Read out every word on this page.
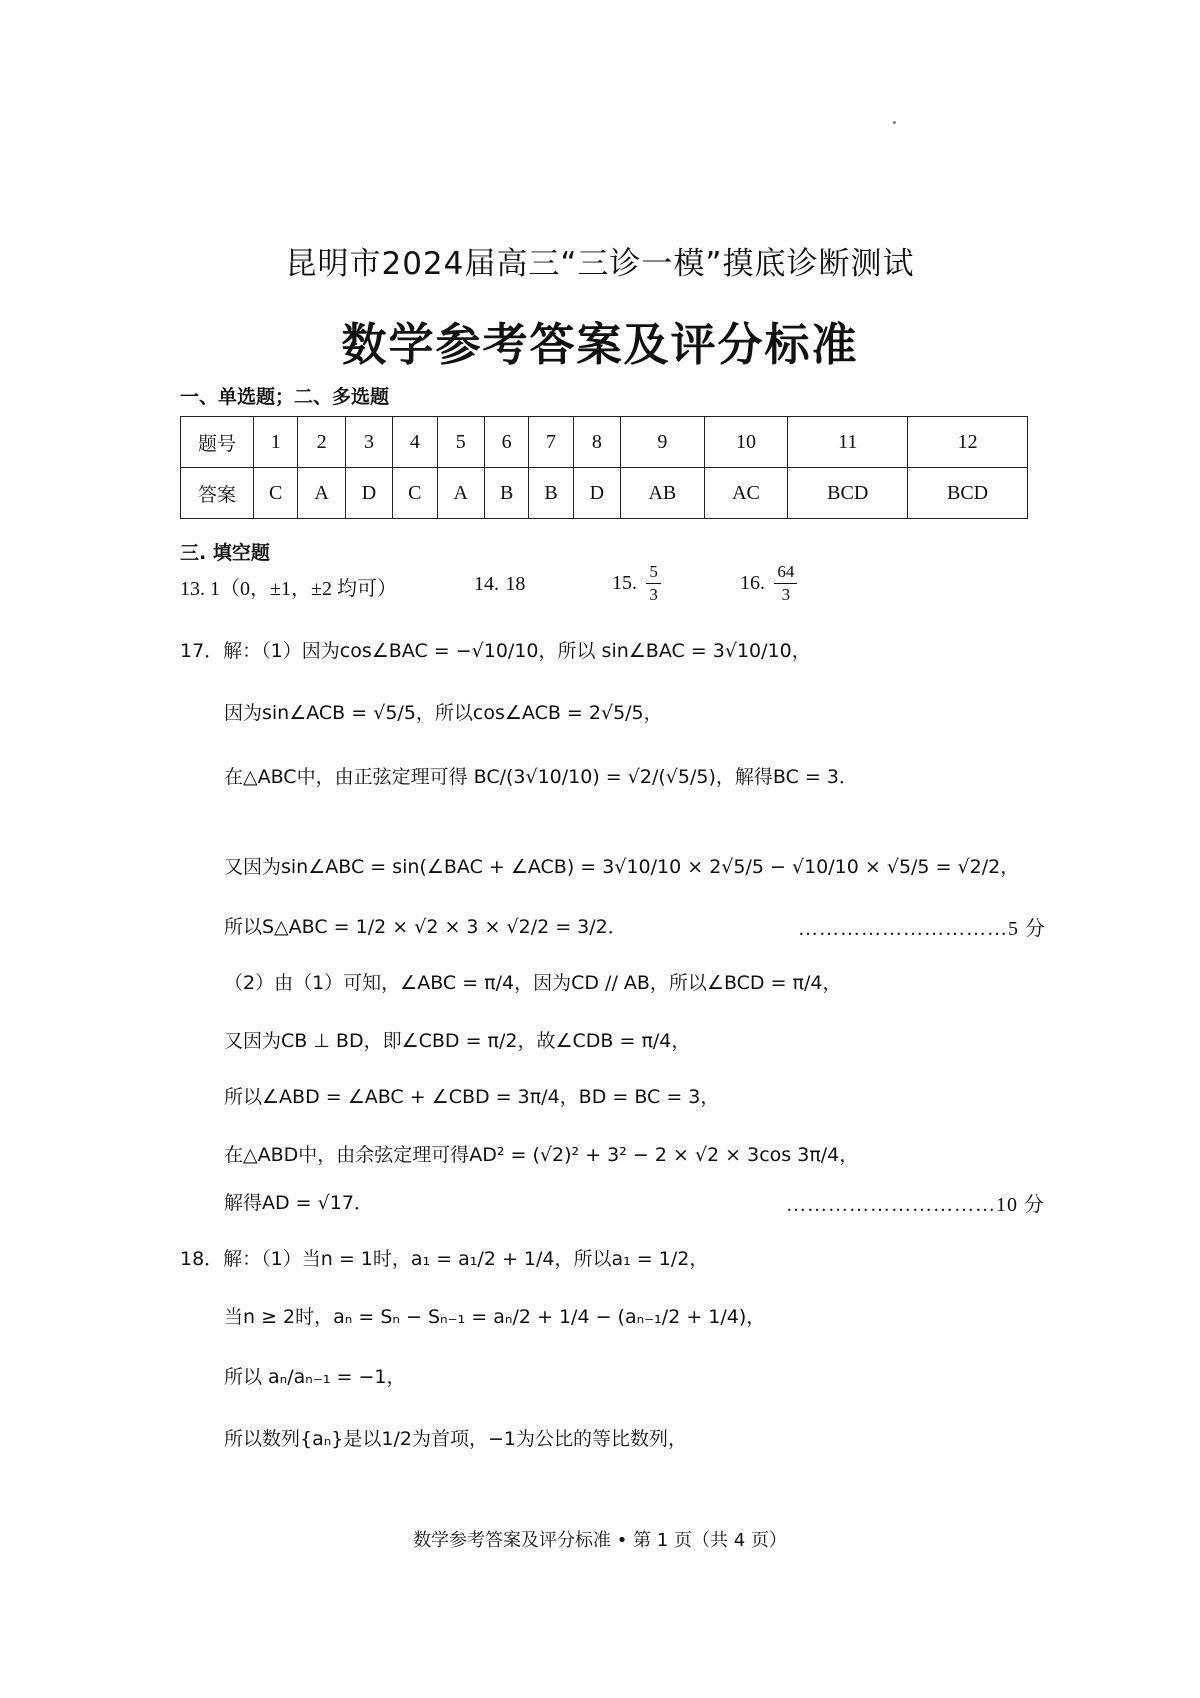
昆明市2024届高三“三诊一模”摸底诊断测试
数学参考答案及评分标准
一、单选题；二、多选题
题号	1	2	3	4	5	6	7	8	9	10	11	12
答案	C	A	D	C	A	B	B	D	AB	AC	BCD	BCD
三. 填空题
13. 1（0，±1，±2 均可）	14.
18	15.
$\frac{5}{3}$	16.
$\frac{64}{3}$
17．解：（1）因为cos∠BAC = −√10/10，所以 sin∠BAC = 3√10/10，
因为sin∠ACB = √5/5，所以cos∠ACB = 2√5/5，
在△ABC中，由正弦定理可得 BC/(3√10/10) = √2/(√5/5)，解得BC = 3．
又因为sin∠ABC = sin(∠BAC + ∠ACB) = 3√10/10 × 2√5/5 − √10/10 × √5/5 = √2/2，
所以S△ABC = 1/2 × √2 × 3 × √2/2 = 3/2．	…………………………5 分
（2）由（1）可知，∠ABC = π/4，因为CD // AB，所以∠BCD = π/4，
又因为CB ⊥ BD，即∠CBD = π/2，故∠CDB = π/4，
所以∠ABD = ∠ABC + ∠CBD = 3π/4，BD = BC = 3，
在△ABD中，由余弦定理可得AD² = (√2)² + 3² − 2 × √2 × 3cos 3π/4，
解得AD = √17．	…………………………10 分
18．解：（1）当n = 1时，a₁ = a₁/2 + 1/4，所以a₁ = 1/2，
当n ≥ 2时，aₙ = Sₙ − Sₙ₋₁ = aₙ/2 + 1/4 − (aₙ₋₁/2 + 1/4)，
所以 aₙ/aₙ₋₁ = −1，
所以数列{aₙ}是以1/2为首项，−1为公比的等比数列，
数学参考答案及评分标准 • 第 1 页（共 4 页）
